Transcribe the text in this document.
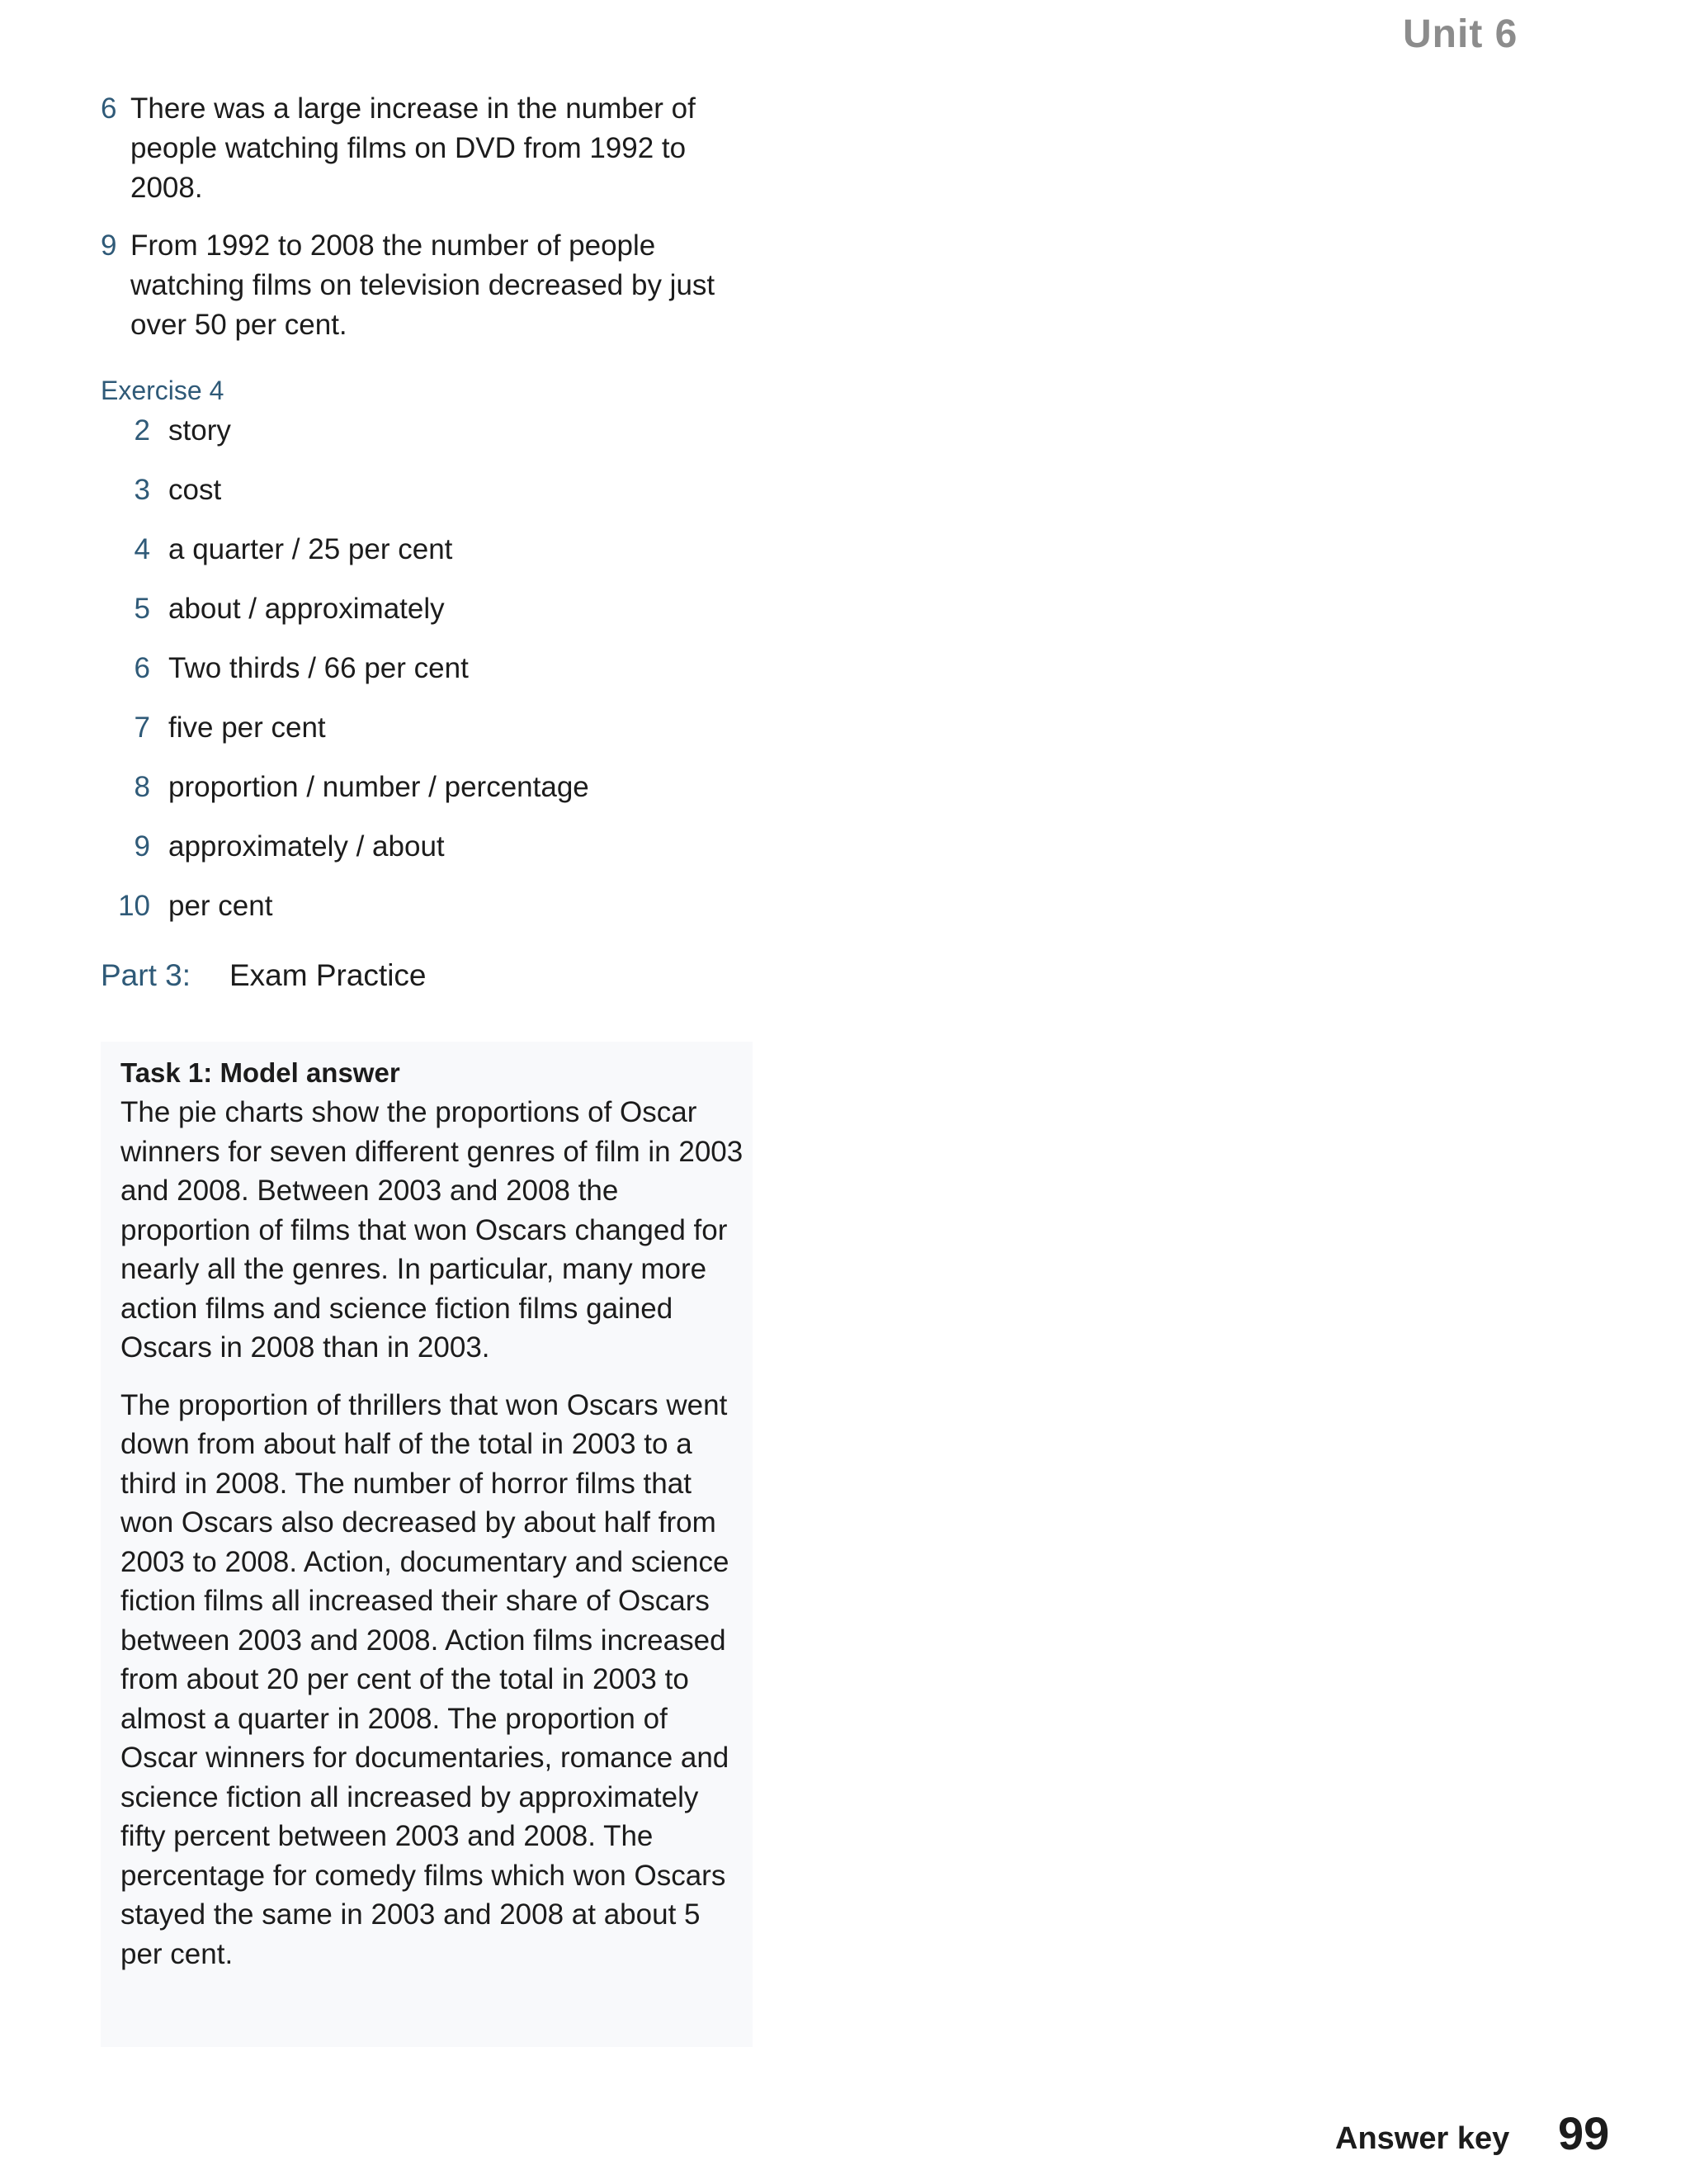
Unit 6
6 There was a large increase in the number of people watching films on DVD from 1992 to 2008.
9 From 1992 to 2008 the number of people watching films on television decreased by just over 50 per cent.
Exercise 4
2 story
3 cost
4 a quarter / 25 per cent
5 about / approximately
6 Two thirds / 66 per cent
7 five per cent
8 proportion / number / percentage
9 approximately / about
10 per cent
Part 3:	Exam Practice
Task 1: Model answer

The pie charts show the proportions of Oscar winners for seven different genres of film in 2003 and 2008. Between 2003 and 2008 the proportion of films that won Oscars changed for nearly all the genres. In particular, many more action films and science fiction films gained Oscars in 2008 than in 2003.

The proportion of thrillers that won Oscars went down from about half of the total in 2003 to a third in 2008. The number of horror films that won Oscars also decreased by about half from 2003 to 2008. Action, documentary and science fiction films all increased their share of Oscars between 2003 and 2008. Action films increased from about 20 per cent of the total in 2003 to almost a quarter in 2008. The proportion of Oscar winners for documentaries, romance and science fiction all increased by approximately fifty percent between 2003 and 2008. The percentage for comedy films which won Oscars stayed the same in 2003 and 2008 at about 5 per cent.

Answer key 99
